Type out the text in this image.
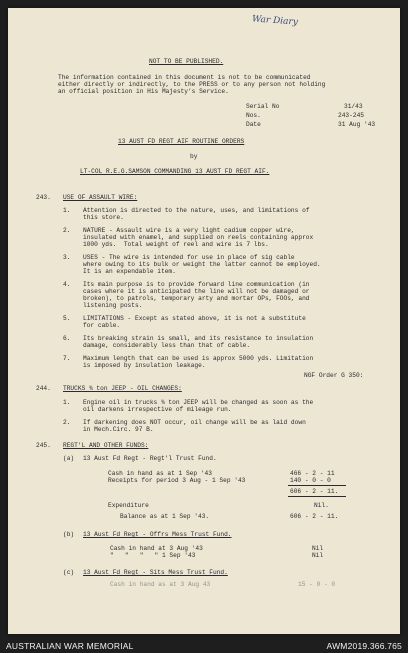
War Diary
NOT TO BE PUBLISHED.
The information contained in this document is not to be communicated
either directly or indirectly, to the PRESS or to any person not holding
an official position in His Majesty's Service.
Serial No	31/43
Nos.	243-245
Date	31 Aug '43
13 AUST FD REGT AIF ROUTINE ORDERS
by
LT-COL R.E.G.SAMSON COMMANDING 13 AUST FD REGT AIF.
243. USE OF ASSAULT WIRE:
1. Attention is directed to the nature, uses, and limitations of
this store.
2. NATURE - Assault wire is a very light cadium copper wire,
insulated with enamel, and supplied on reels containing approx
1000 yds.  Total weight of reel and wire is 7 lbs.
3. USES - The wire is intended for use in place of sig cable
where owing to its bulk or weight the latter cannot be employed.
It is an expendable item.
4. Its main purpose is to provide forward line communication (in
cases where it is anticipated the line will not be damaged or
broken), to patrols, temporary arty and mortar OPs, FOOs, and
listening posts.
5. LIMITATIONS - Except as stated above, it is not a substitute
for cable.
6. Its breaking strain is small, and its resistance to insulation
damage, considerably less than that of cable.
7. Maximum length that can be used is approx 5000 yds. Limitation
is imposed by insulation leakage.
NGF Order G 350:
244. TRUCKS ¾ ton JEEP - OIL CHANGES:
1. Engine oil in trucks ¾ ton JEEP will be changed as soon as the
oil darkens irrespective of mileage run.
2. If darkening does NOT occur, oil change will be as laid down
in Mech.Circ. 97 B.
245. REGT'L AND OTHER FUNDS:
(a) 13 Aust Fd Regt - Regt'l Trust Fund.
Cash in hand as at 1 Sep '43	466 - 2 - 11
Receipts for period 3 Aug - 1 Sep '43	140 - 0 - 0
606 - 2 - 11.
Expenditure	Nil.
Balance as at 1 Sep '43.	606 - 2 - 11.
(b) 13 Aust Fd Regt - Offrs Mess Trust Fund.
Cash in hand at 3 Aug '43	Nil
"   "   "   " 1 Sep '43	Nil
(c) 13 Aust Fd Regt - Sits Mess Trust Fund.
Cash in hand as at 3 Aug 43	15 - 0 - 0
AUSTRALIAN WAR MEMORIAL	AWM2019.366.765
